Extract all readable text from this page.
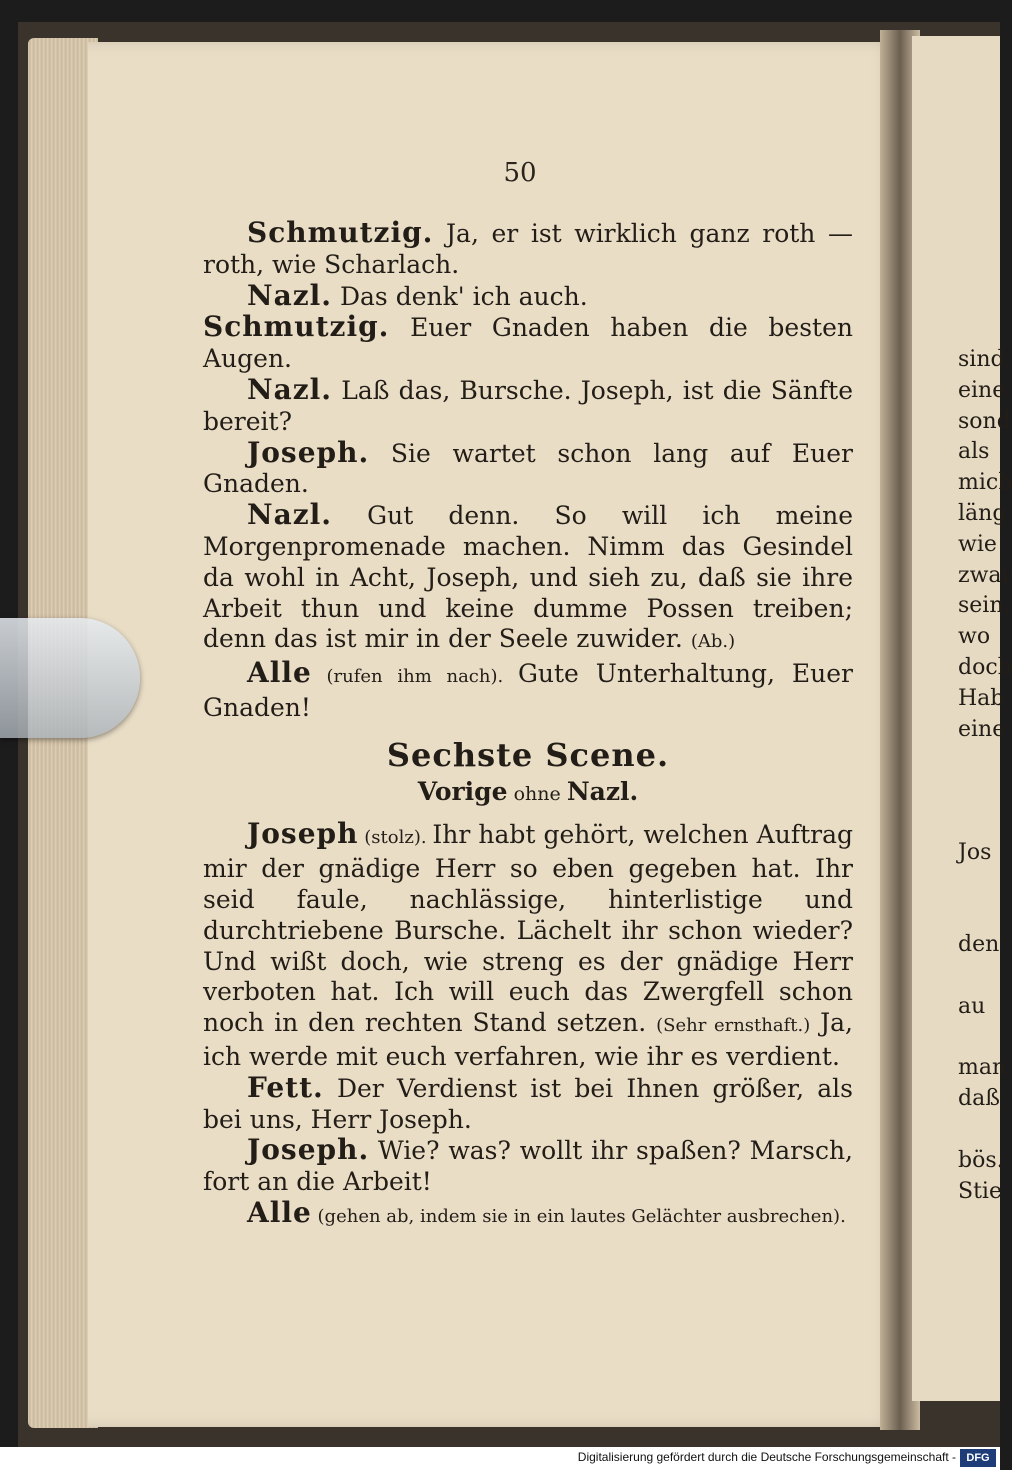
50

Schmutzig. Ja, er ist wirklich ganz roth — roth, wie Scharlach.

Nazl. Das denk' ich auch.

Schmutzig. Euer Gnaden haben die besten Augen.

Nazl. Laß das, Bursche. Joseph, ist die Sänfte bereit?

Joseph. Sie wartet schon lang auf Euer Gnaden.

Nazl. Gut denn. So will ich meine Morgenpromenade machen. Nimm das Gesindel da wohl in Acht, Joseph, und sieh zu, daß sie ihre Arbeit thun und keine dumme Possen treiben; denn das ist mir in der Seele zuwider. (Ab.)

Alle (rufen ihm nach). Gute Unterhaltung, Euer Gnaden!

Sechste Scene.
Vorige ohne Nazl.

Joseph (stolz). Ihr habt gehört, welchen Auftrag mir der gnädige Herr so eben gegeben hat. Ihr seid faule, nachlässige, hinterlistige und durchtriebene Bursche. Lächelt ihr schon wieder? Und wißt doch, wie streng es der gnädige Herr verboten hat. Ich will euch das Zwergfell schon noch in den rechten Stand setzen. (Sehr ernsthaft.) Ja, ich werde mit euch verfahren, wie ihr es verdient.

Fett. Der Verdienst ist bei Ihnen größer, als bei uns, Herr Joseph.

Joseph. Wie? was? wollt ihr spaßen? Marsch, fort an die Arbeit!

Alle (gehen ab, indem sie in ein lautes Gelächter ausbrechen).

sind
eine
sond
als
mich
läng
wie
zwar
sein,
wo
doch
Hab
eine
Jos
den
au
man
daß
bös.
Stie
Digitalisierung gefördert durch die Deutsche Forschungsgemeinschaft - DFG
